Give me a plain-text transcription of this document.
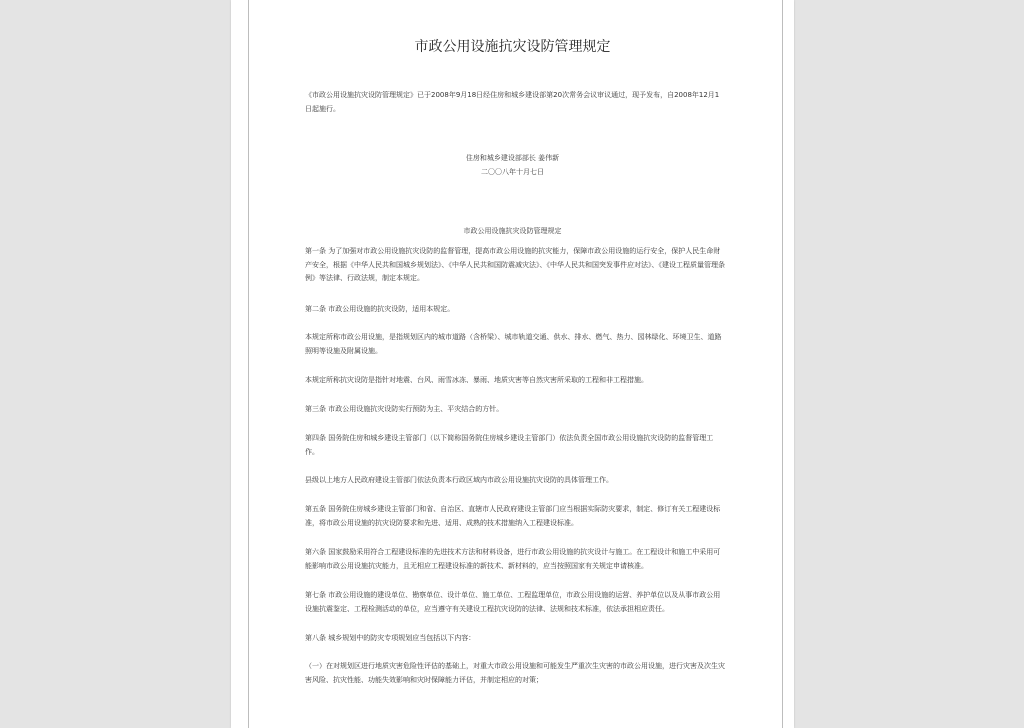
市政公用设施抗灾设防管理规定
《市政公用设施抗灾设防管理规定》已于2008年9月18日经住房和城乡建设部第20次常务会议审议通过，现予发布，自2008年12月1日起施行。
住房和城乡建设部部长 姜伟新
二〇〇八年十月七日
市政公用设施抗灾设防管理规定
第一条 为了加强对市政公用设施抗灾设防的监督管理，提高市政公用设施的抗灾能力，保障市政公用设施的运行安全，保护人民生命财产安全，根据《中华人民共和国城乡规划法》、《中华人民共和国防震减灾法》、《中华人民共和国突发事件应对法》、《建设工程质量管理条例》等法律、行政法规，制定本规定。
第二条 市政公用设施的抗灾设防，适用本规定。
本规定所称市政公用设施，是指规划区内的城市道路（含桥梁）、城市轨道交通、供水、排水、燃气、热力、园林绿化、环境卫生、道路照明等设施及附属设施。
本规定所称抗灾设防是指针对地震、台风、雨雪冰冻、暴雨、地质灾害等自然灾害所采取的工程和非工程措施。
第三条 市政公用设施抗灾设防实行预防为主、平灾结合的方针。
第四条 国务院住房和城乡建设主管部门（以下简称国务院住房城乡建设主管部门）依法负责全国市政公用设施抗灾设防的监督管理工作。
县级以上地方人民政府建设主管部门依法负责本行政区域内市政公用设施抗灾设防的具体管理工作。
第五条 国务院住房城乡建设主管部门和省、自治区、直辖市人民政府建设主管部门应当根据实际防灾要求，制定、修订有关工程建设标准，将市政公用设施的抗灾设防要求和先进、适用、成熟的技术措施纳入工程建设标准。
第六条 国家鼓励采用符合工程建设标准的先进技术方法和材料设备，进行市政公用设施的抗灾设计与施工。在工程设计和施工中采用可能影响市政公用设施抗灾能力，且无相应工程建设标准的新技术、新材料的，应当按照国家有关规定申请核准。
第七条 市政公用设施的建设单位、勘察单位、设计单位、施工单位、工程监理单位，市政公用设施的运营、养护单位以及从事市政公用设施抗震鉴定、工程检测活动的单位，应当遵守有关建设工程抗灾设防的法律、法规和技术标准，依法承担相应责任。
第八条 城乡规划中的防灾专项规划应当包括以下内容：
（一）在对规划区进行地质灾害危险性评估的基础上，对重大市政公用设施和可能发生严重次生灾害的市政公用设施，进行灾害及次生灾害风险、抗灾性能、功能失效影响和灾时保障能力评估，并制定相应的对策；
